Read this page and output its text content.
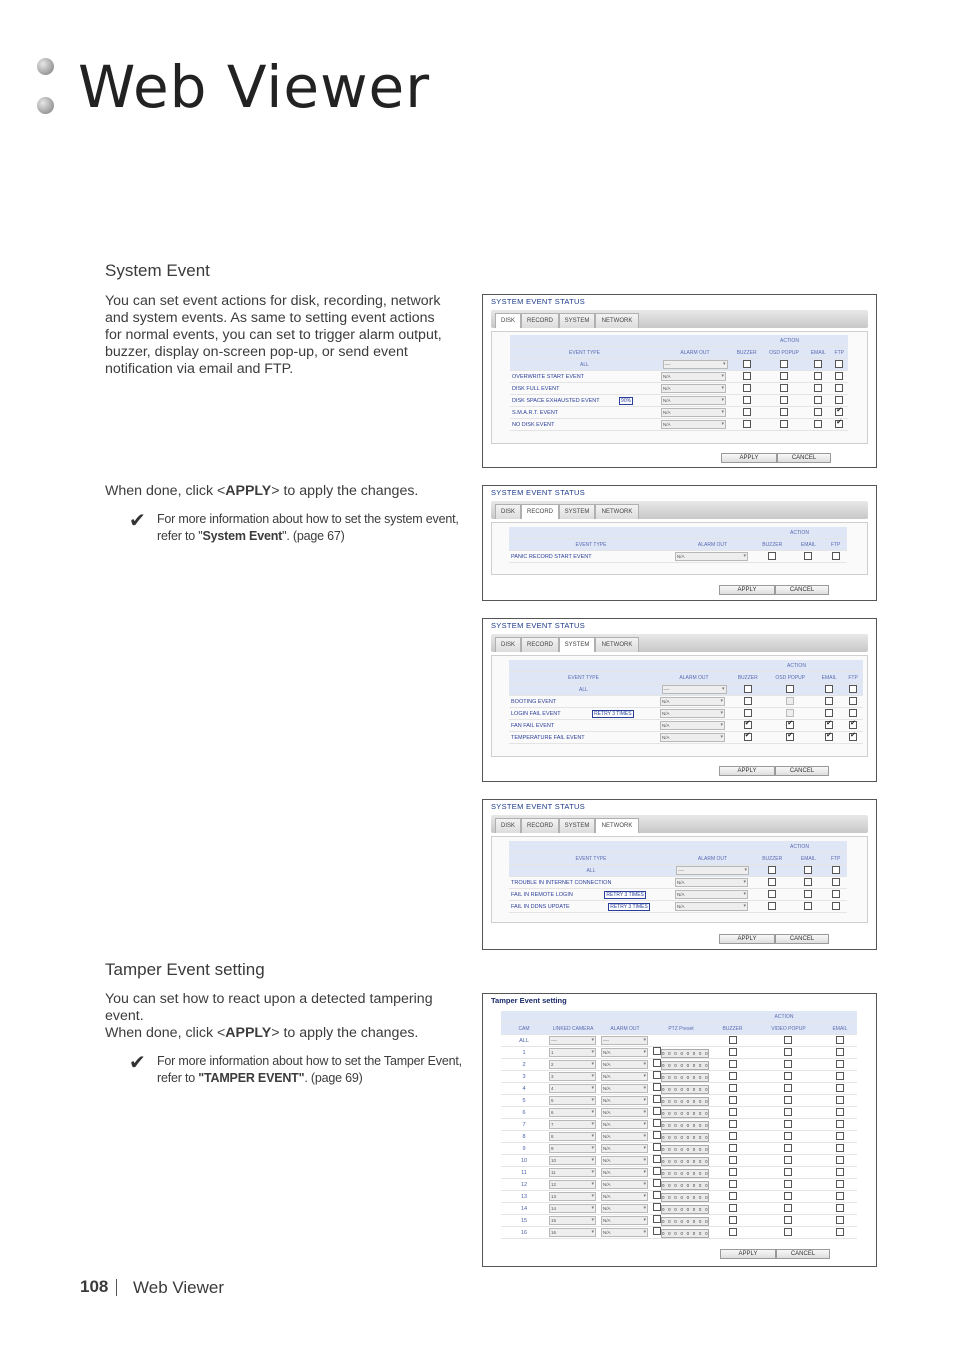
Web Viewer
System Event

You can set event actions for disk, recording, network and system events. As same to setting event actions for normal events, you can set to trigger alarm output, buzzer, display on-screen pop-up, or send event notification via email and FTP.

When done, click <APPLY> to apply the changes.

✔ For more information about how to set the system event, refer to "System Event". (page 67)
Tamper Event setting

You can set how to react upon a detected tampering event.

When done, click <APPLY> to apply the changes.

✔ For more information about how to set the Tamper Event, refer to "TAMPER EVENT". (page 69)
SYSTEM EVENT STATUS
DISK	RECORD	SYSTEM	NETWORK
		ACTION			
EVENT TYPE	ALARM OUT	BUZZER	OSD POPUP	EMAIL	FTP
ALL	---- ▾				
OVERWRITE START EVENT	N/A ▾				
DISK FULL EVENT	N/A ▾				
DISK SPACE EXHAUSTED EVENT 90%	N/A ▾				
S.M.A.R.T. EVENT	N/A ▾				✔
NO DISK EVENT	N/A ▾				✔
APPLY	CANCEL
SYSTEM EVENT STATUS
DISK	RECORD	SYSTEM	NETWORK
		ACTION		
EVENT TYPE	ALARM OUT	BUZZER	EMAIL	FTP
PANIC RECORD START EVENT	N/A ▾			
APPLY	CANCEL
SYSTEM EVENT STATUS
DISK	RECORD	SYSTEM	NETWORK
		ACTION			
EVENT TYPE	ALARM OUT	BUZZER	OSD POPUP	EMAIL	FTP
ALL	---- ▾				
BOOTING EVENT	N/A ▾				
LOGIN FAIL EVENT RETRY 3 TIMES	N/A ▾				
FAN FAIL EVENT	N/A ▾	✔	✔	✔	✔
TEMPERATURE FAIL EVENT	N/A ▾	✔	✔	✔	✔
APPLY	CANCEL
SYSTEM EVENT STATUS
DISK	RECORD	SYSTEM	NETWORK
		ACTION		
EVENT TYPE	ALARM OUT	BUZZER	EMAIL	FTP
ALL	---- ▾			
TROUBLE IN INTERNET CONNECTION	N/A ▾			
FAIL IN REMOTE LOGIN RETRY 3 TIMES	N/A ▾			
FAIL IN DDNS UPDATE RETRY 3 TIMES	N/A ▾			
APPLY	CANCEL
Tamper Event setting
				ACTION		
CAM	LINKED CAMERA	ALARM OUT	PTZ Preset	BUZZER	VIDEO POPUP	EMAIL
ALL	---- ▾	---- ▾				
1	1 ▾	N/A ▾	0 0 0 0 0 0 0 0			
2	2 ▾	N/A ▾	0 0 0 0 0 0 0 0			
3	3 ▾	N/A ▾	0 0 0 0 0 0 0 0			
4	4 ▾	N/A ▾	0 0 0 0 0 0 0 0			
5	5 ▾	N/A ▾	0 0 0 0 0 0 0 0			
6	6 ▾	N/A ▾	0 0 0 0 0 0 0 0			
7	7 ▾	N/A ▾	0 0 0 0 0 0 0 0			
8	8 ▾	N/A ▾	0 0 0 0 0 0 0 0			
9	9 ▾	N/A ▾	0 0 0 0 0 0 0 0			
10	10 ▾	N/A ▾	0 0 0 0 0 0 0 0			
11	11 ▾	N/A ▾	0 0 0 0 0 0 0 0			
12	12 ▾	N/A ▾	0 0 0 0 0 0 0 0			
13	13 ▾	N/A ▾	0 0 0 0 0 0 0 0			
14	14 ▾	N/A ▾	0 0 0 0 0 0 0 0			
15	15 ▾	N/A ▾	0 0 0 0 0 0 0 0			
16	16 ▾	N/A ▾	0 0 0 0 0 0 0 0			
APPLY	CANCEL
108 Web Viewer
